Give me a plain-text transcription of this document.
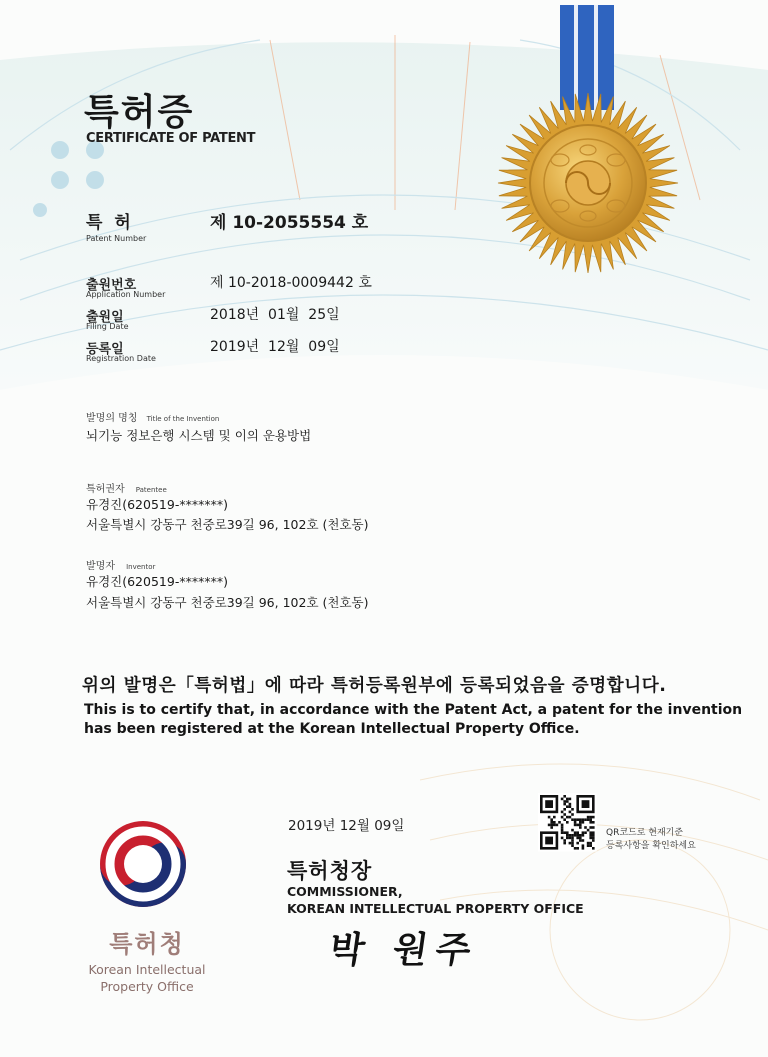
특허증
CERTIFICATE OF PATENT
특 허
Patent Number
제 10-2055554 호
출원번호
Application Number
제 10-2018-0009442 호
출원일
Filing Date
2018년  01월  25일
등록일
Registration Date
2019년  12월  09일
발명의 명칭 Title of the Invention
뇌기능 정보은행 시스템 및 이의 운용방법
특허권자 Patentee
유경진(620519-*******)
서울특별시 강동구 천중로39길 96, 102호 (천호동)
발명자 Inventor
유경진(620519-*******)
서울특별시 강동구 천중로39길 96, 102호 (천호동)
위의 발명은「특허법」에 따라 특허등록원부에 등록되었음을 증명합니다.
This is to certify that, in accordance with the Patent Act, a patent for the invention
has been registered at the Korean Intellectual Property Office.
2019년 12월 09일
특허청장
COMMISSIONER,
KOREAN INTELLECTUAL PROPERTY OFFICE
박 원주
QR코드로 현재기준
등록사항을 확인하세요
특허청
Korean Intellectual
Property Office
